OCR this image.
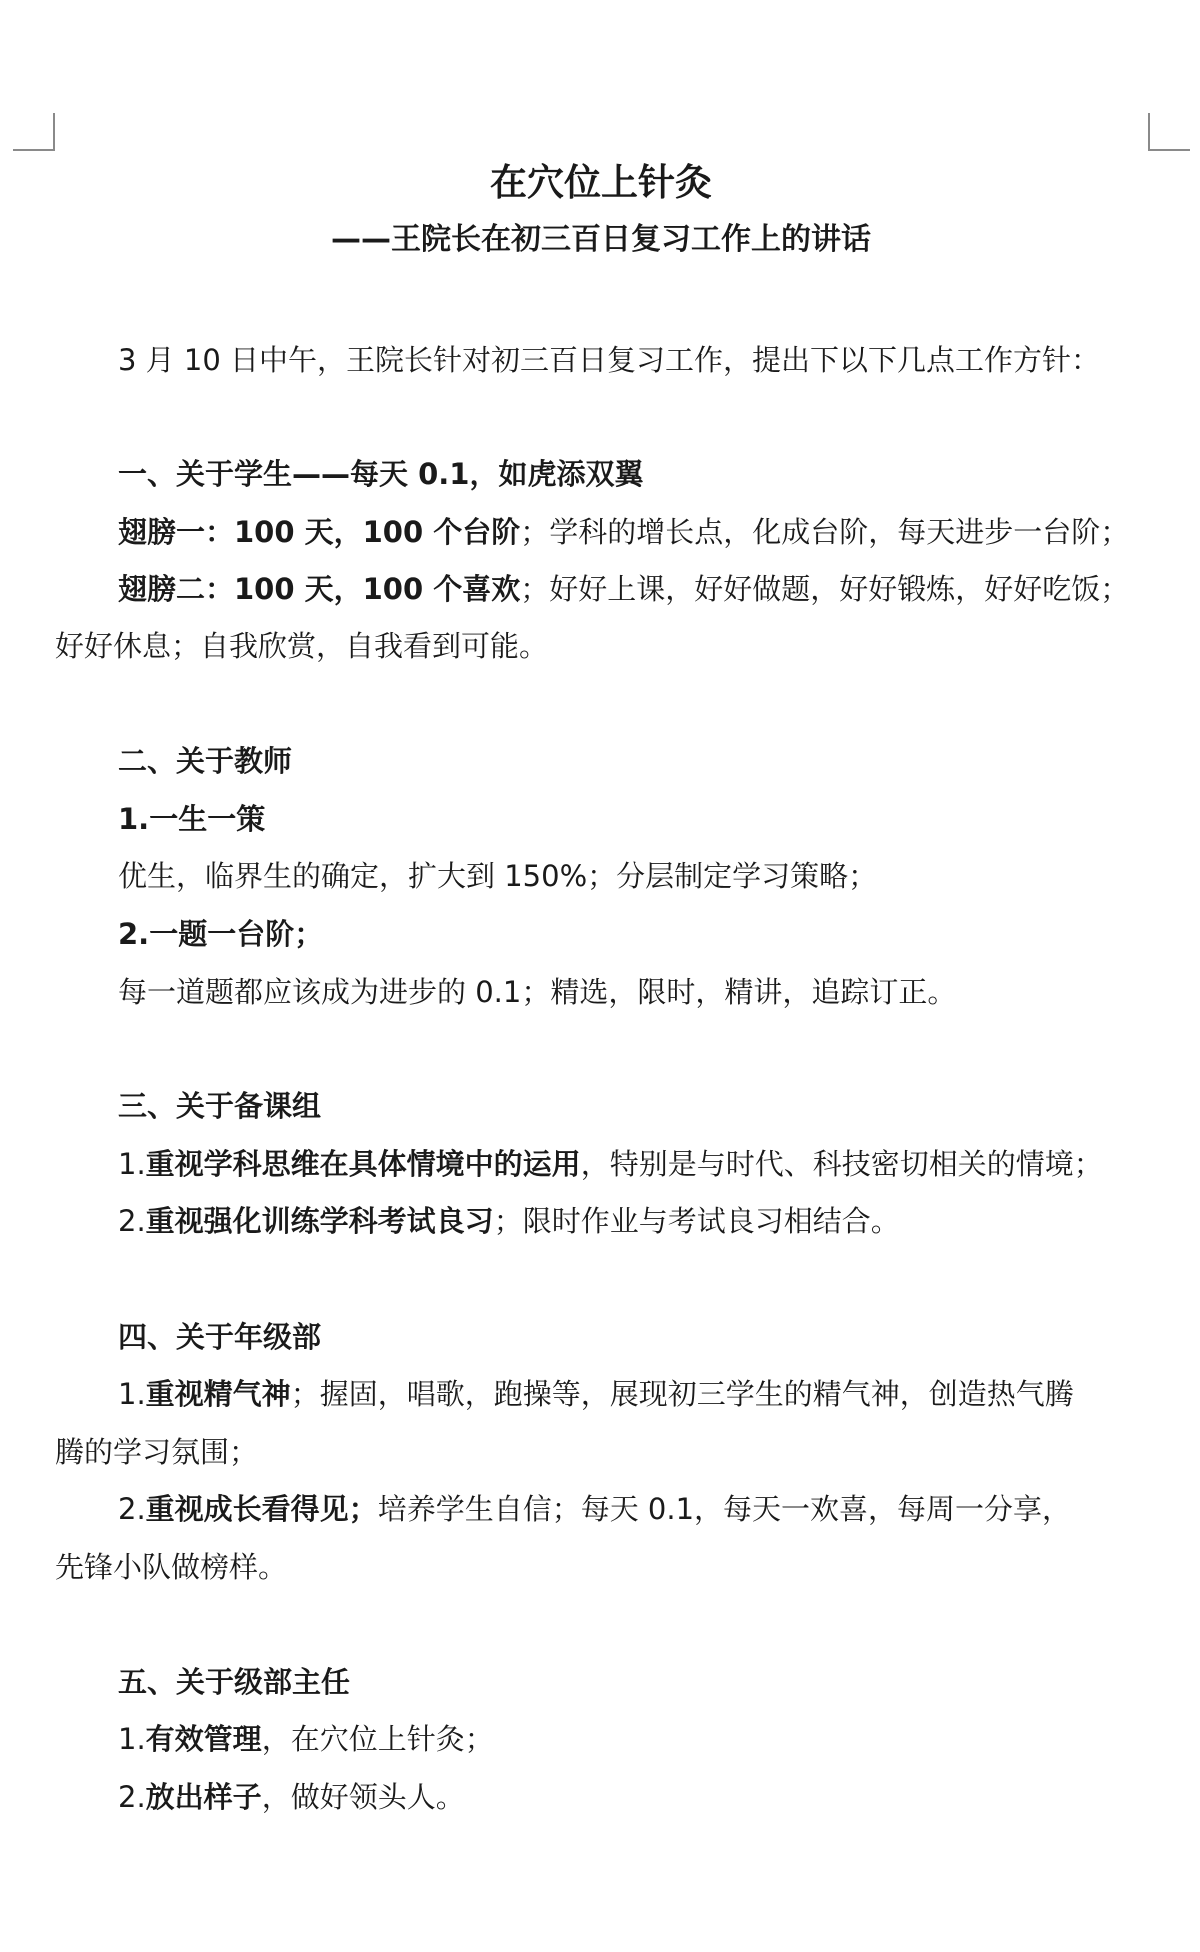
在穴位上针灸
——王院长在初三百日复习工作上的讲话
3 月 10 日中午，王院长针对初三百日复习工作，提出下以下几点工作方针：
一、关于学生——每天 0.1，如虎添双翼
翅膀一：100 天，100 个台阶；学科的增长点，化成台阶，每天进步一台阶；
翅膀二：100 天，100 个喜欢；好好上课，好好做题，好好锻炼，好好吃饭；
好好休息；自我欣赏，自我看到可能。
二、关于教师
1.一生一策
优生，临界生的确定，扩大到 150%；分层制定学习策略；
2.一题一台阶；
每一道题都应该成为进步的 0.1；精选，限时，精讲，追踪订正。
三、关于备课组
1.重视学科思维在具体情境中的运用，特别是与时代、科技密切相关的情境；
2.重视强化训练学科考试良习；限时作业与考试良习相结合。
四、关于年级部
1.重视精气神；握固，唱歌，跑操等，展现初三学生的精气神，创造热气腾
腾的学习氛围；
2.重视成长看得见；培养学生自信；每天 0.1，每天一欢喜，每周一分享，
先锋小队做榜样。
五、关于级部主任
1.有效管理，在穴位上针灸；
2.放出样子，做好领头人。
